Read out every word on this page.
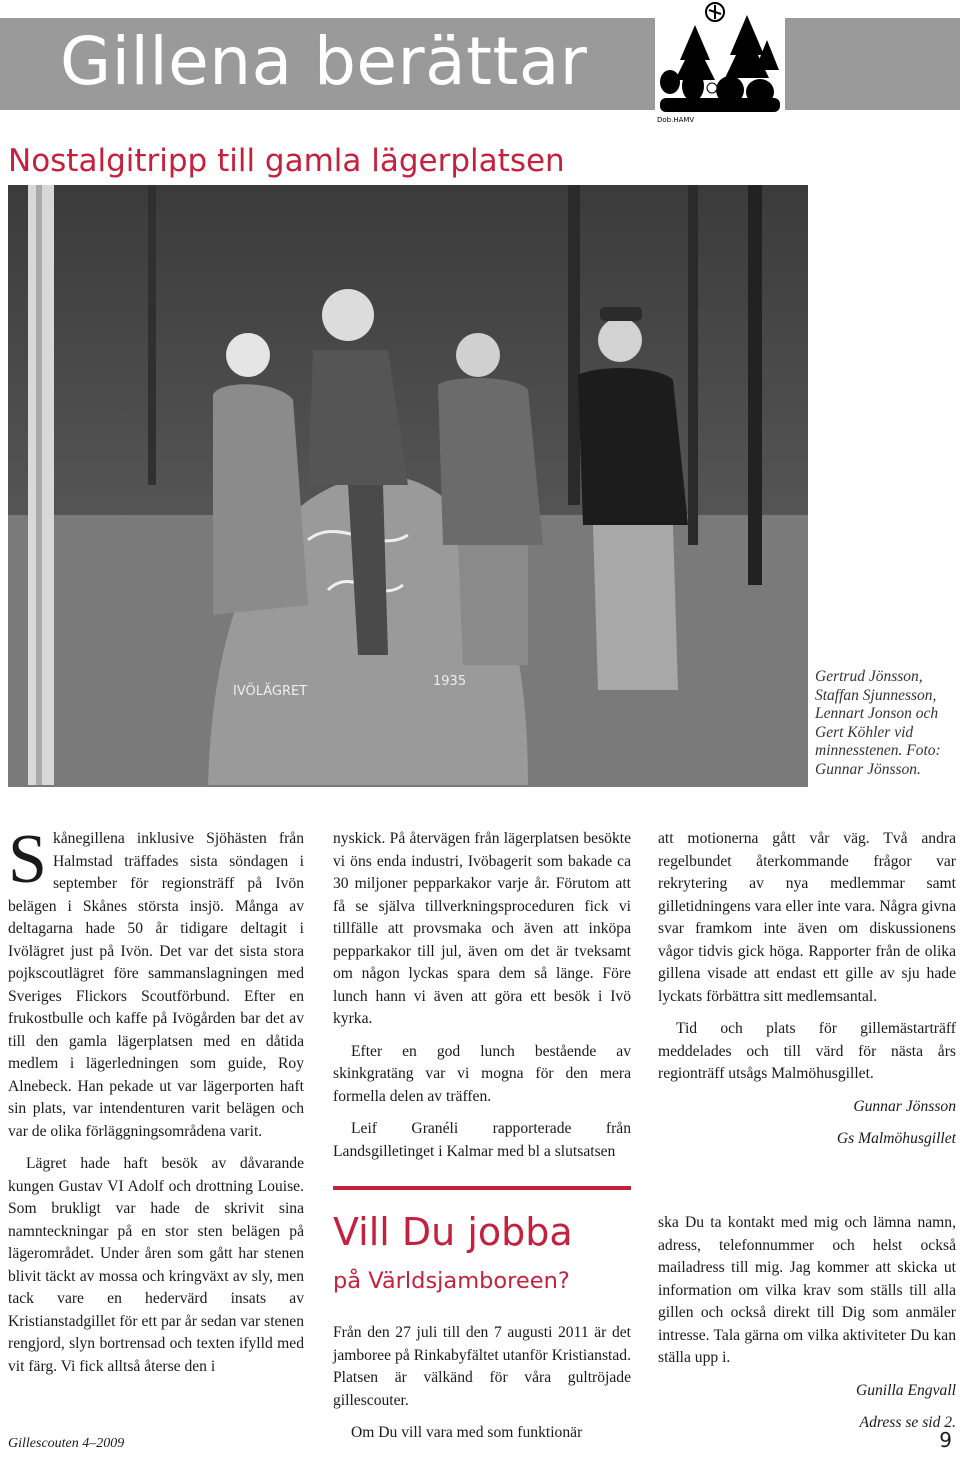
Gillena berättar
Dob.HAMV
Nostalgitripp till gamla lägerplatsen
IVÖLÄGRET
1935	Gertrud Jönsson,
Staffan Sjunnesson,
Lennart Jonson och
Gert Köhler vid
minnesstenen. Foto:
Gunnar Jönsson.

Skånegillena inklusive Sjöhästen från Halmstad träffades sista söndagen i september för regionsträff på Ivön belägen i Skånes största insjö. Många av deltagarna hade 50 år tidigare deltagit i Ivölägret just på Ivön. Det var det sista stora pojkscoutlägret före sammanslagningen med Sveriges Flickors Scoutförbund. Efter en frukostbulle och kaffe på Ivögården bar det av till den gamla lägerplatsen med en dåtida medlem i lägerledningen som guide, Roy Alnebeck. Han pekade ut var lägerporten haft sin plats, var intendenturen varit belägen och var de olika förläggningsområdena varit.

Lägret hade haft besök av dåvarande kungen Gustav VI Adolf och drottning Louise. Som brukligt var hade de skrivit sina namnteckningar på en stor sten belägen på lägerområdet. Under åren som gått har stenen blivit täckt av mossa och kringväxt av sly, men tack vare en hedervärd insats av Kristianstadgillet för ett par år sedan var stenen rengjord, slyn bortrensad och texten ifylld med vit färg. Vi fick alltså återse den i

nyskick. På återvägen från lägerplatsen besökte vi öns enda industri, Ivöbagerit som bakade ca 30 miljoner pepparkakor varje år. Förutom att få se själva tillverkningsproceduren fick vi tillfälle att provsmaka och även att inköpa pepparkakor till jul, även om det är tveksamt om någon lyckas spara dem så länge. Före lunch hann vi även att göra ett besök i Ivö kyrka.

Efter en god lunch bestående av skinkgratäng var vi mogna för den mera formella delen av träffen.

Leif Granéli rapporterade från Landsgilletinget i Kalmar med bl a slutsatsen

att motionerna gått vår väg. Två andra regelbundet återkommande frågor var rekrytering av nya medlemmar samt gilletidningens vara eller inte vara. Några givna svar framkom inte även om diskussionens vågor tidvis gick höga. Rapporter från de olika gillena visade att endast ett gille av sju hade lyckats förbättra sitt medlemsantal.

Tid och plats för gillemästarträff meddelades och till värd för nästa års regionträff utsågs Malmöhusgillet.

Gunnar Jönsson

Gs Malmöhusgillet

Vill Du jobba
på Världsjamboreen?

Från den 27 juli till den 7 augusti 2011 är det jamboree på Rinkabyfältet utanför Kristianstad. Platsen är välkänd för våra gultröjade gillescouter.

Om Du vill vara med som funktionär

ska Du ta kontakt med mig och lämna namn, adress, telefonnummer och helst också mailadress till mig. Jag kommer att skicka ut information om vilka krav som ställs till alla gillen och också direkt till Dig som anmäler intresse. Tala gärna om vilka aktiviteter Du kan ställa upp i.

Gunilla Engvall

Adress se sid 2.

Gillescouten 4–2009	9
